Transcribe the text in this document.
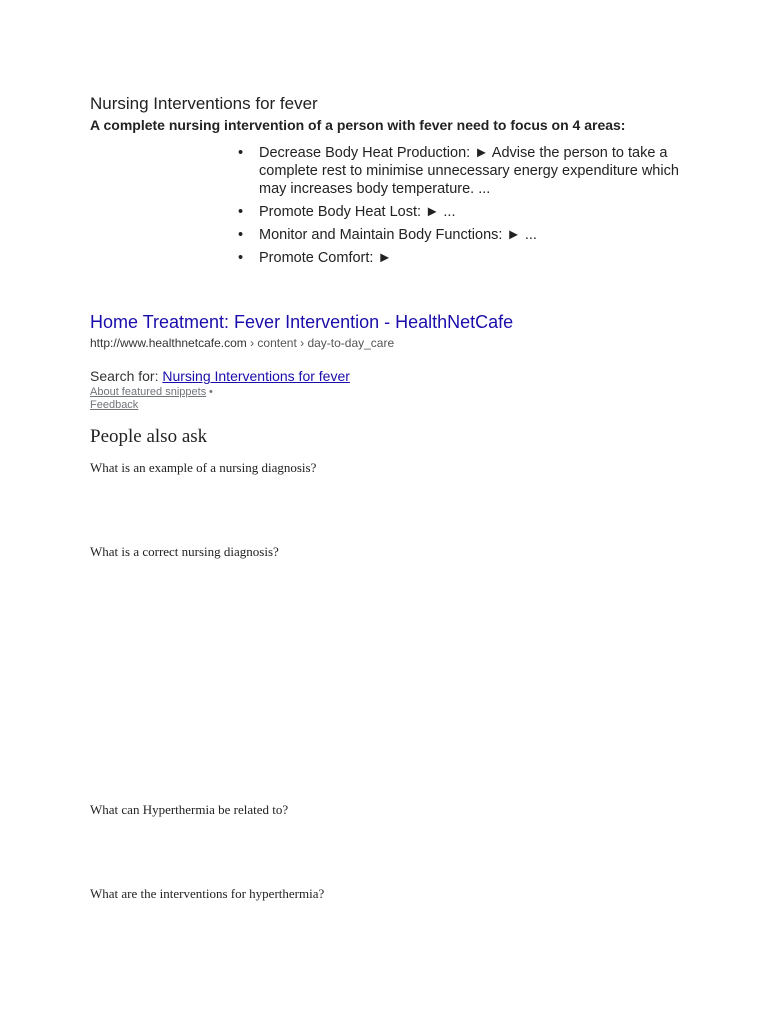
Nursing Interventions for fever
A complete nursing intervention of a person with fever need to focus on 4 areas:
• Decrease Body Heat Production: ► Advise the person to take a complete rest to minimise unnecessary energy expenditure which may increases body temperature. ...
• Promote Body Heat Lost: ► ...
• Monitor and Maintain Body Functions: ► ...
• Promote Comfort: ►
Home Treatment: Fever Intervention - HealthNetCafe
http://www.healthnetcafe.com › content › day-to-day_care
Search for: Nursing Interventions for fever
About featured snippets •
Feedback
People also ask
What is an example of a nursing diagnosis?
What is a correct nursing diagnosis?
What can Hyperthermia be related to?
What are the interventions for hyperthermia?
